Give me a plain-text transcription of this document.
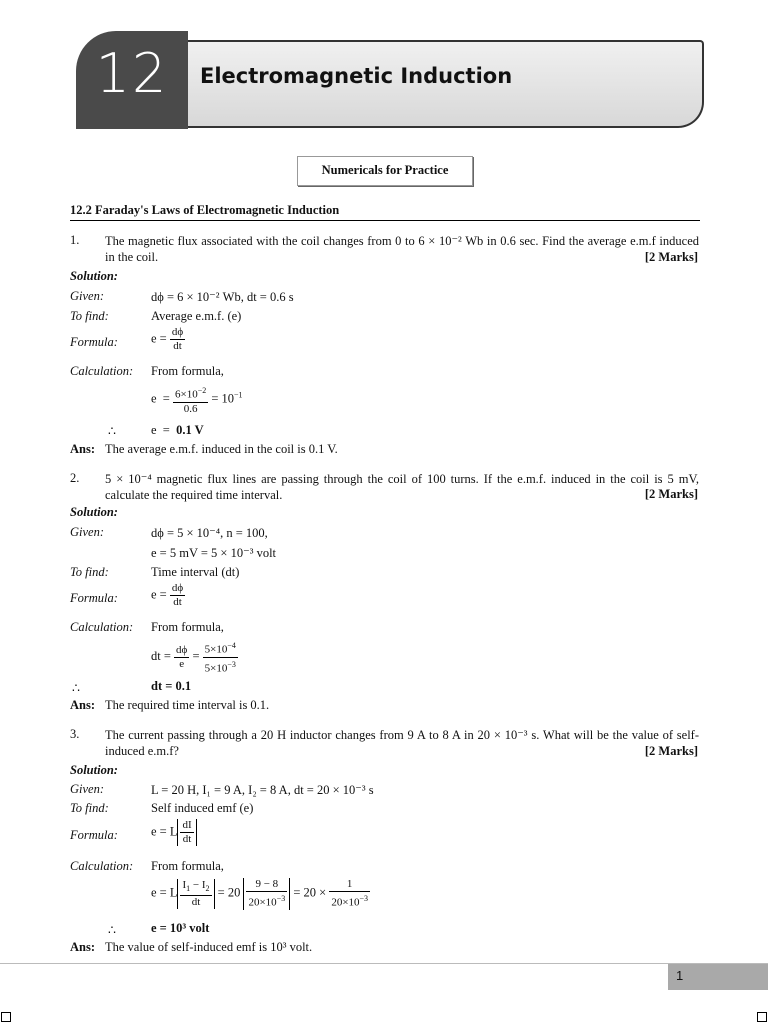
12	Electromagnetic Induction
Numericals for Practice
12.2 Faraday's Laws of Electromagnetic Induction
1. The magnetic flux associated with the coil changes from 0 to 6 × 10⁻² Wb in 0.6 sec. Find the average e.m.f induced in the coil.	[2 Marks]
Solution:
Given:	dϕ = 6 × 10⁻² Wb, dt = 0.6 s
To find:	Average e.m.f. (e)
Formula:	$e = \frac{d\phi}{dt}$
Calculation: From formula,
$e = \frac{6\times 10^{-2}}{0.6} = 10^{-1}$
∴	e  =  0.1 V
Ans: The average e.m.f. induced in the coil is 0.1 V.
2. 5 × 10⁻⁴ magnetic flux lines are passing through the coil of 100 turns. If the e.m.f. induced in the coil is 5 mV, calculate the required time interval.	[2 Marks]
Solution:
Given:	dϕ = 5 × 10⁻⁴, n = 100,
e = 5 mV = 5 × 10⁻³ volt
To find:	Time interval (dt)
Formula:	$e = \frac{d\phi}{dt}$
Calculation: From formula,
dt = $\frac{d\phi}{e} = \frac{5\times 10^{-4}}{5\times 10^{-3}}$
∴	dt = 0.1
Ans: The required time interval is 0.1.
3. The current passing through a 20 H inductor changes from 9 A to 8 A in 20 × 10⁻³ s. What will be the value of self-induced e.m.f?	[2 Marks]
Solution:
Given:	L = 20 H, I₁ = 9 A, I₂ = 8 A, dt = 20 × 10⁻³ s
To find:	Self induced emf (e)
Formula:	e = L $\frac{dI}{dt}$
Calculation: From formula,
e = L $\frac{I_1 - I_2}{dt} = 20 \frac{9 - 8}{20\times 10^{-3}} = 20 \times \frac{1}{20\times 10^{-3}}$
∴	e = 10³ volt
Ans: The value of self-induced emf is 10³ volt.
1
